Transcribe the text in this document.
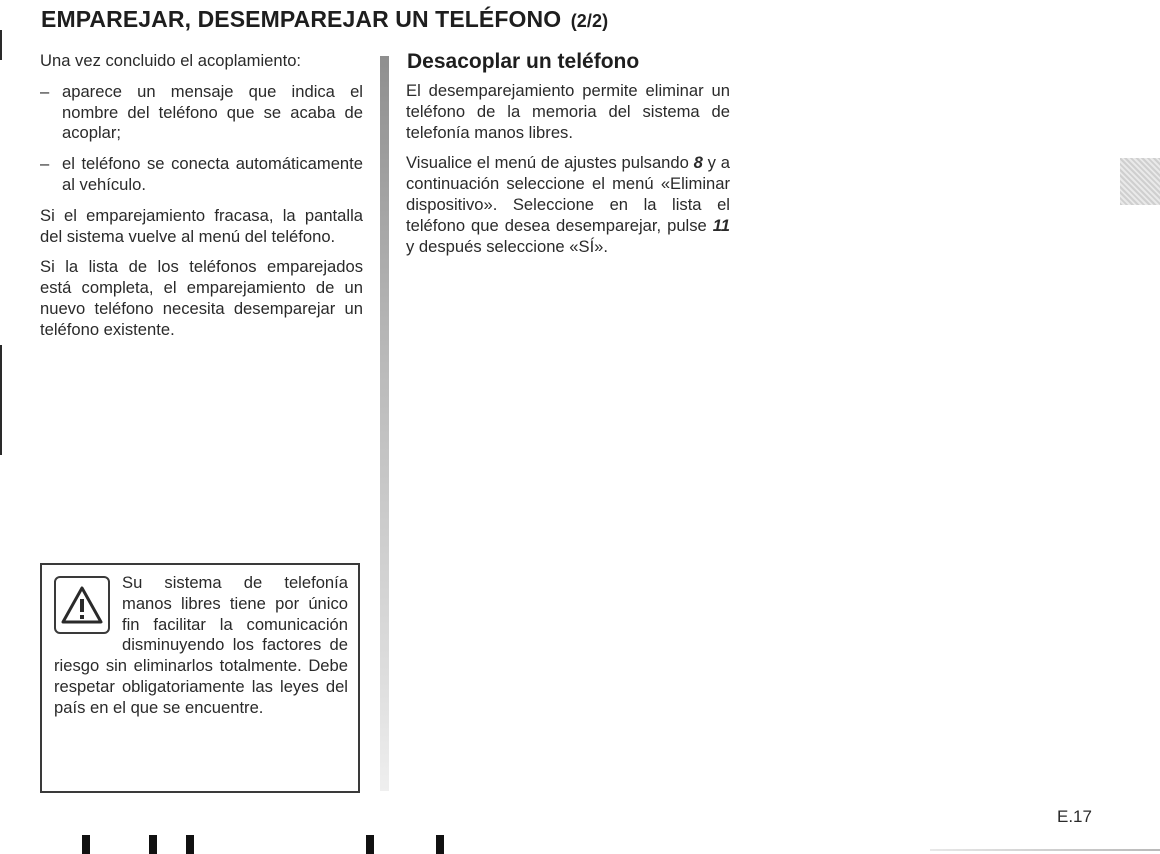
EMPAREJAR, DESEMPAREJAR UN TELÉFONO (2/2)

Una vez concluido el acoplamiento:

– aparece un mensaje que indica el nombre del teléfono que se acaba de acoplar;
– el teléfono se conecta automáticamente al vehículo.

Si el emparejamiento fracasa, la pantalla del sistema vuelve al menú del teléfono.

Si la lista de los teléfonos emparejados está completa, el emparejamiento de un nuevo teléfono necesita desemparejar un teléfono existente.

Desacoplar un teléfono

El desemparejamiento permite eliminar un teléfono de la memoria del sistema de telefonía manos libres.

Visualice el menú de ajustes pulsando 8 y a continuación seleccione el menú «Eliminar dispositivo». Seleccione en la lista el teléfono que desea desemparejar, pulse 11 y después seleccione «SÍ».

Su sistema de telefonía manos libres tiene por único fin facilitar la comunicación disminuyendo los factores de riesgo sin eliminarlos totalmente. Debe respetar obligatoriamente las leyes del país en el que se encuentre.
E.17
